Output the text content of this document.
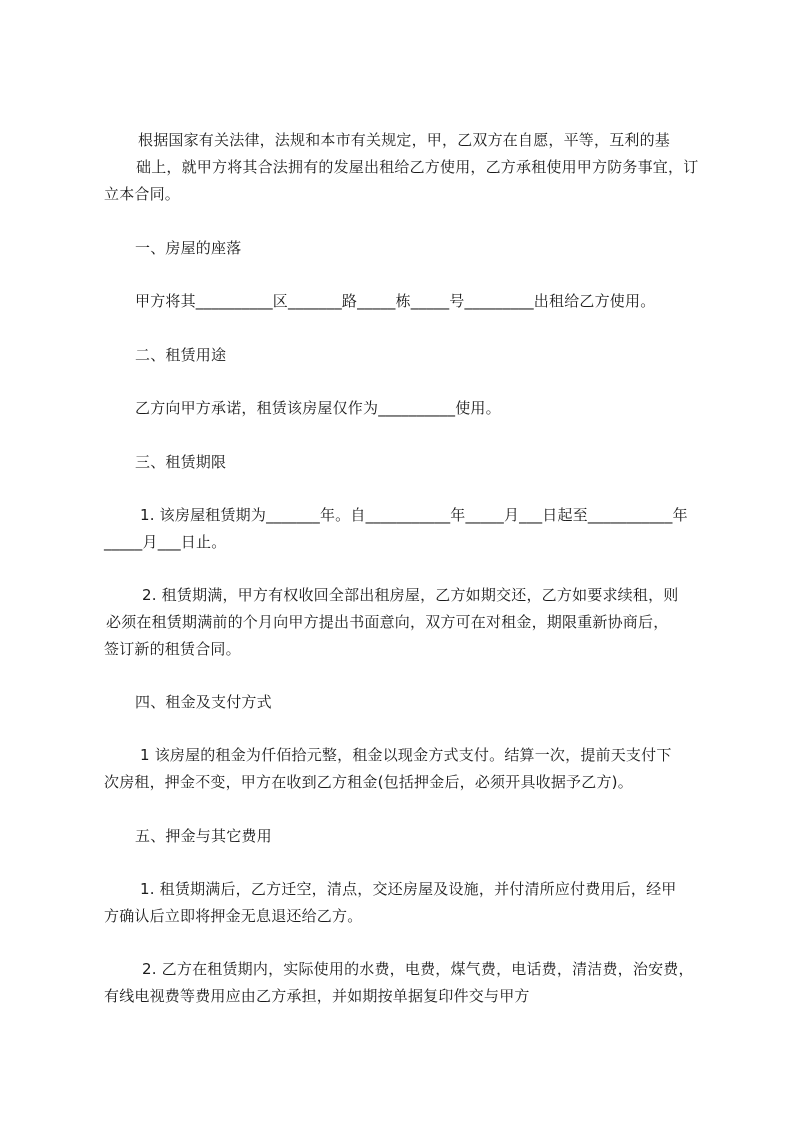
根据国家有关法律，法规和本市有关规定，甲，乙双方在自愿，平等，互利的基
础上，就甲方将其合法拥有的发屋出租给乙方使用，乙方承租使用甲方防务事宜，订
立本合同。
一、房屋的座落
甲方将其__________区_______路_____栋_____号_________出租给乙方使用。
二、租赁用途
乙方向甲方承诺，租赁该房屋仅作为__________使用。
三、租赁期限
1. 该房屋租赁期为_______年。自___________年_____月___日起至___________年
_____月___日止。
2. 租赁期满，甲方有权收回全部出租房屋，乙方如期交还，乙方如要求续租，则
必须在租赁期满前的个月向甲方提出书面意向，双方可在对租金，期限重新协商后，
签订新的租赁合同。
四、租金及支付方式
1 该房屋的租金为仟佰拾元整，租金以现金方式支付。结算一次，提前天支付下
次房租，押金不变，甲方在收到乙方租金(包括押金后，必须开具收据予乙方)。
五、押金与其它费用
1. 租赁期满后，乙方迁空，清点，交还房屋及设施，并付清所应付费用后，经甲
方确认后立即将押金无息退还给乙方。
2. 乙方在租赁期内，实际使用的水费，电费，煤气费，电话费，清洁费，治安费，
有线电视费等费用应由乙方承担，并如期按单据复印件交与甲方
